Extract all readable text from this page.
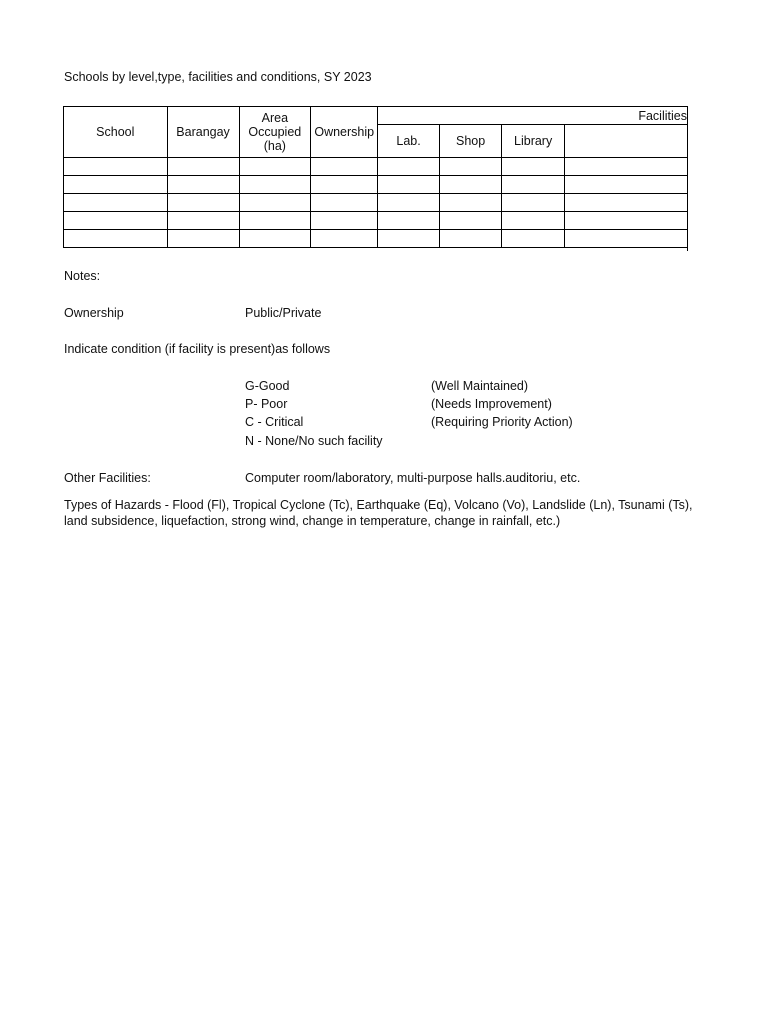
Schools by level,type, facilities and conditions, SY 2023
School	Barangay	Area Occupied (ha)	Ownership	Facilities			
				Lab.	Shop	Library	

Notes:
Ownership	Public/Private
Indicate condition (if facility is present)as follows
G-Good	(Well Maintained)
P- Poor	(Needs Improvement)
C - Critical	(Requiring Priority Action)
N - None/No such facility
Other Facilities:	Computer room/laboratory, multi-purpose halls.auditoriu, etc.
Types of Hazards - Flood (Fl), Tropical Cyclone (Tc), Earthquake (Eq), Volcano (Vo), Landslide (Ln), Tsunami (Ts), land subsidence, liquefaction, strong wind, change in temperature, change in rainfall, etc.)
